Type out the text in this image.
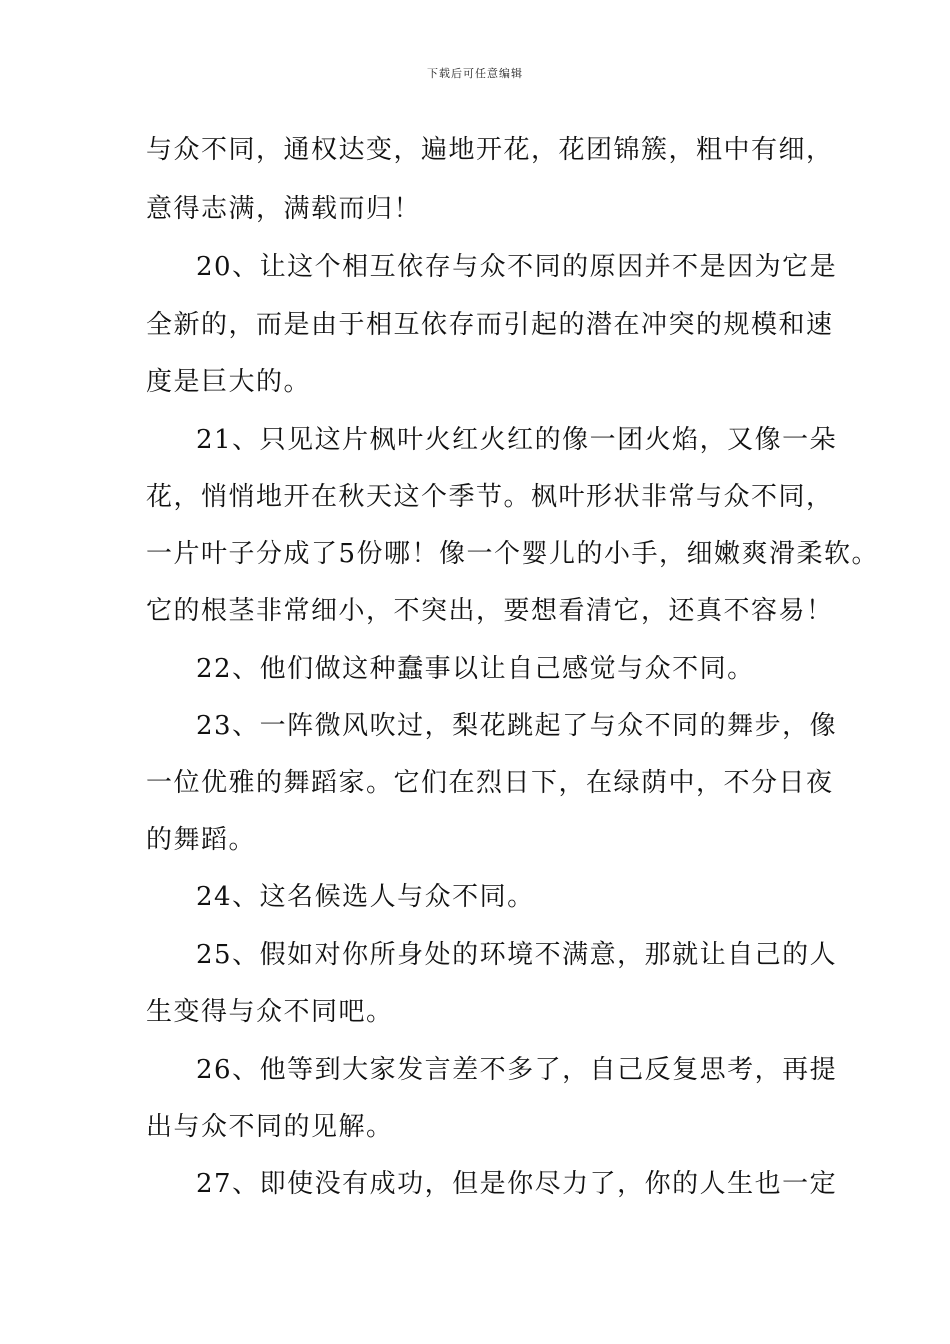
下载后可任意编辑
与众不同，通权达变，遍地开花，花团锦簇，粗中有细，
意得志满，满载而归！
20、让这个相互依存与众不同的原因并不是因为它是
全新的，而是由于相互依存而引起的潜在冲突的规模和速
度是巨大的。
21、只见这片枫叶火红火红的像一团火焰，又像一朵
花，悄悄地开在秋天这个季节。枫叶形状非常与众不同，
一片叶子分成了5份哪！像一个婴儿的小手，细嫩爽滑柔软。
它的根茎非常细小，不突出，要想看清它，还真不容易！
22、他们做这种蠢事以让自己感觉与众不同。
23、一阵微风吹过，梨花跳起了与众不同的舞步，像
一位优雅的舞蹈家。它们在烈日下，在绿荫中，不分日夜
的舞蹈。
24、这名候选人与众不同。
25、假如对你所身处的环境不满意，那就让自己的人
生变得与众不同吧。
26、他等到大家发言差不多了，自己反复思考，再提
出与众不同的见解。
27、即使没有成功，但是你尽力了，你的人生也一定
